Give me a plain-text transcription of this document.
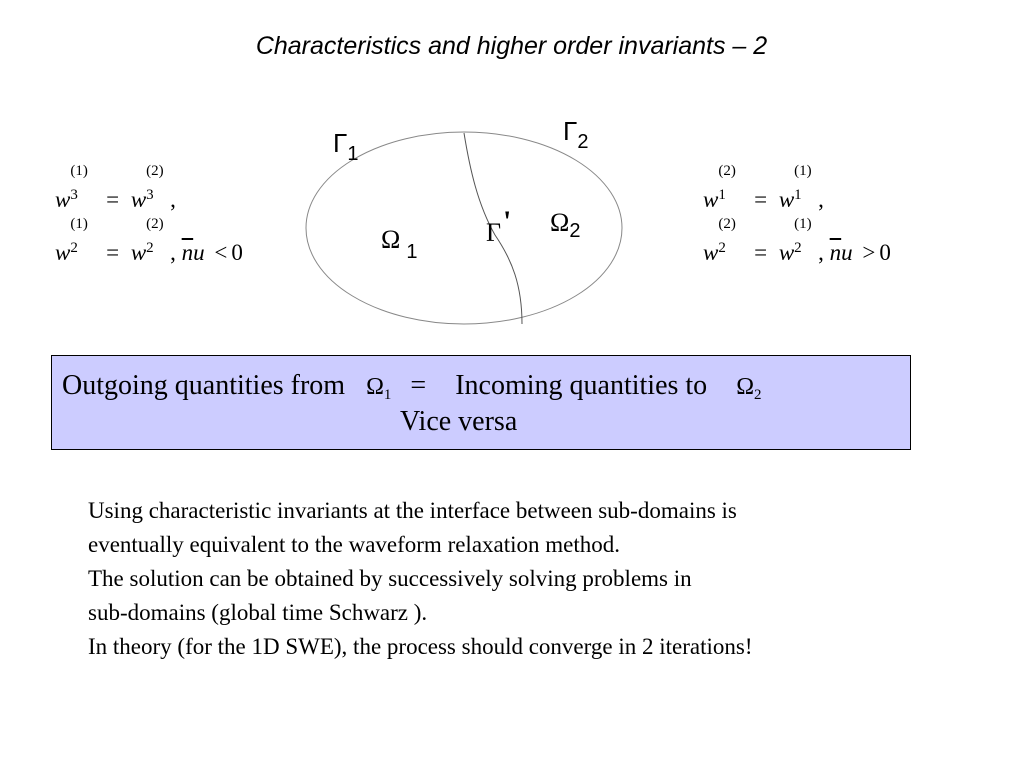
Characteristics and higher order invariants – 2
$\Gamma_1$
$\Gamma_2$
Γ'
Ω $_1$
$\Omega_2$
w
(1)
3 = w
(2)
3 ,
w
(1)
2 = w
(2)
2 , $\overline{n}u < 0$
w
(2)
1 = w
(1)
1 ,
w
(2)
2 = w
(1)
2 , $\overline{n}u > 0$
Outgoing quantities from $\Omega_1$ = Incoming quantities to $\Omega_2$
Vice versa
Using characteristic invariants at the interface between sub-domains is
eventually equivalent to the waveform relaxation method.
The solution can be obtained by successively solving problems in
sub-domains (global time Schwarz ).
In theory (for the 1D SWE), the process should converge in 2 iterations!
